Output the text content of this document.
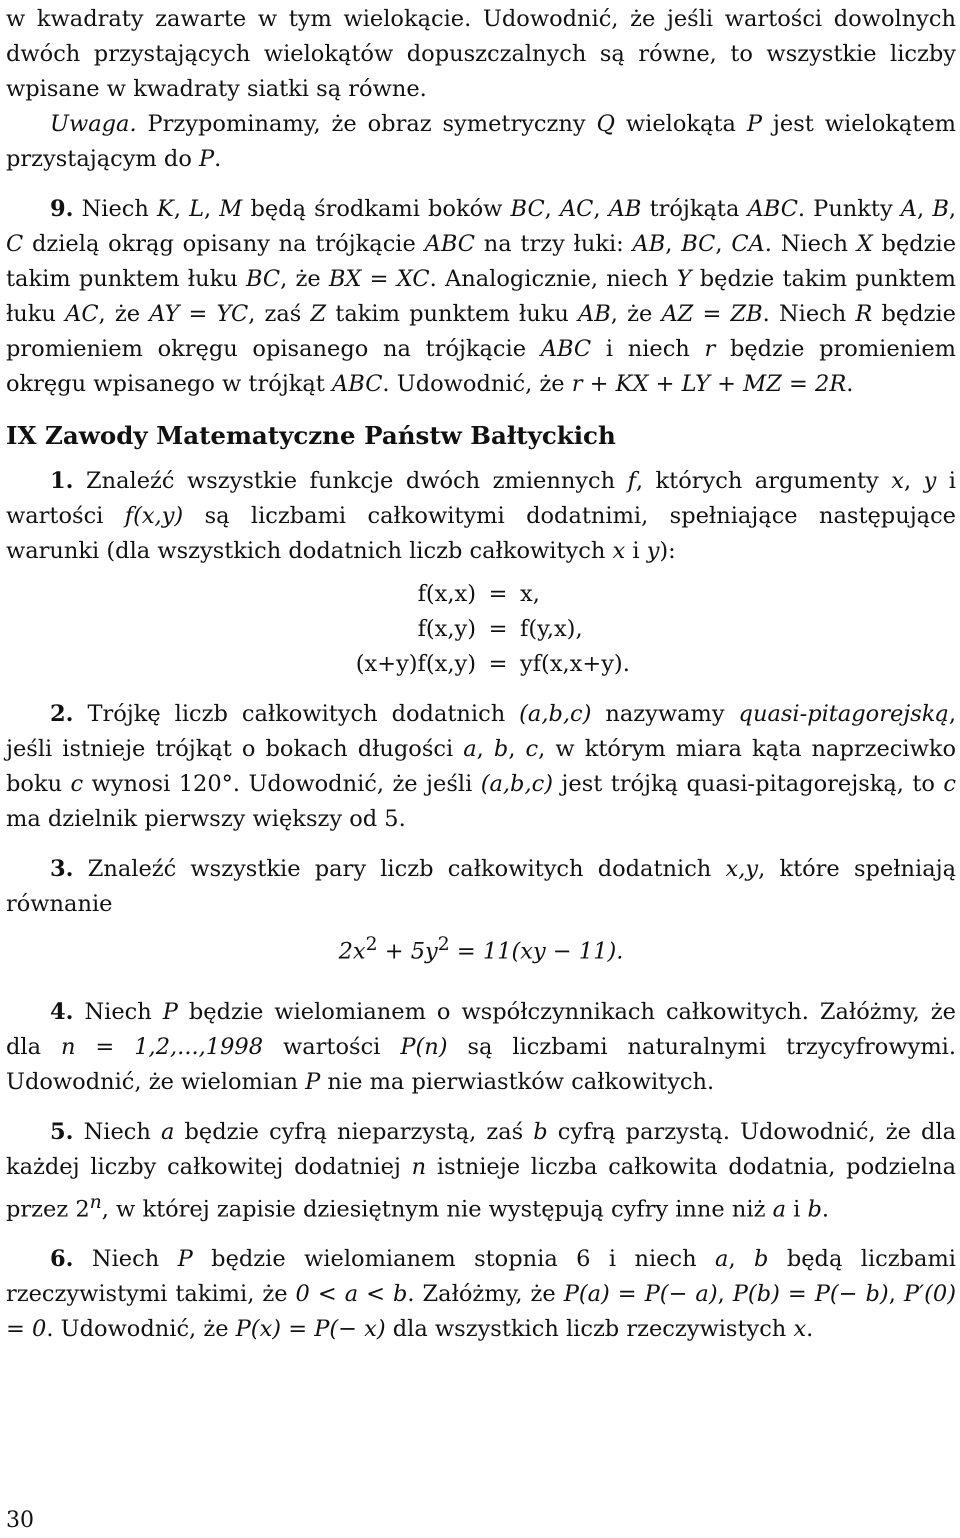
w kwadraty zawarte w tym wielokącie. Udowodnić, że jeśli wartości dowolnych dwóch przystających wielokątów dopuszczalnych są równe, to wszystkie liczby wpisane w kwadraty siatki są równe.

Uwaga. Przypominamy, że obraz symetryczny Q wielokąta P jest wielokątem przystającym do P.

9. Niech K, L, M będą środkami boków BC, AC, AB trójkąta ABC. Punkty A, B, C dzielą okrąg opisany na trójkącie ABC na trzy łuki: AB, BC, CA. Niech X będzie takim punktem łuku BC, że BX = XC. Analogicznie, niech Y będzie takim punktem łuku AC, że AY = YC, zaś Z takim punktem łuku AB, że AZ = ZB. Niech R będzie promieniem okręgu opisanego na trójkącie ABC i niech r będzie promieniem okręgu wpisanego w trójkąt ABC. Udowodnić, że r + KX + LY + MZ = 2R.

IX Zawody Matematyczne Państw Bałtyckich

1. Znaleźć wszystkie funkcje dwóch zmiennych f, których argumenty x, y i wartości f(x,y) są liczbami całkowitymi dodatnimi, spełniające następujące warunki (dla wszystkich dodatnich liczb całkowitych x i y):

f(x,x) = x,
f(x,y) = f(y,x),
(x+y)f(x,y) = yf(x,x+y).

2. Trójkę liczb całkowitych dodatnich (a,b,c) nazywamy quasi-pitagorejską, jeśli istnieje trójkąt o bokach długości a, b, c, w którym miara kąta naprzeciwko boku c wynosi 120°. Udowodnić, że jeśli (a,b,c) jest trójką quasi-pitagorejską, to c ma dzielnik pierwszy większy od 5.

3. Znaleźć wszystkie pary liczb całkowitych dodatnich x,y, które spełniają równanie

$2x^2 + 5y^2 = 11(xy - 11)$.

4. Niech P będzie wielomianem o współczynnikach całkowitych. Załóżmy, że dla n = 1,2,...,1998 wartości P(n) są liczbami naturalnymi trzycyfrowymi. Udowodnić, że wielomian P nie ma pierwiastków całkowitych.

5. Niech a będzie cyfrą nieparzystą, zaś b cyfrą parzystą. Udowodnić, że dla każdej liczby całkowitej dodatniej n istnieje liczba całkowita dodatnia, podzielna przez 2$^n$, w której zapisie dziesiętnym nie występują cyfry inne niż a i b.

6. Niech P będzie wielomianem stopnia 6 i niech a, b będą liczbami rzeczywistymi takimi, że 0 < a < b. Załóżmy, że P(a) = P(− a), P(b) = P(− b), P′(0) = 0. Udowodnić, że P(x) = P(− x) dla wszystkich liczb rzeczywistych x.

30
